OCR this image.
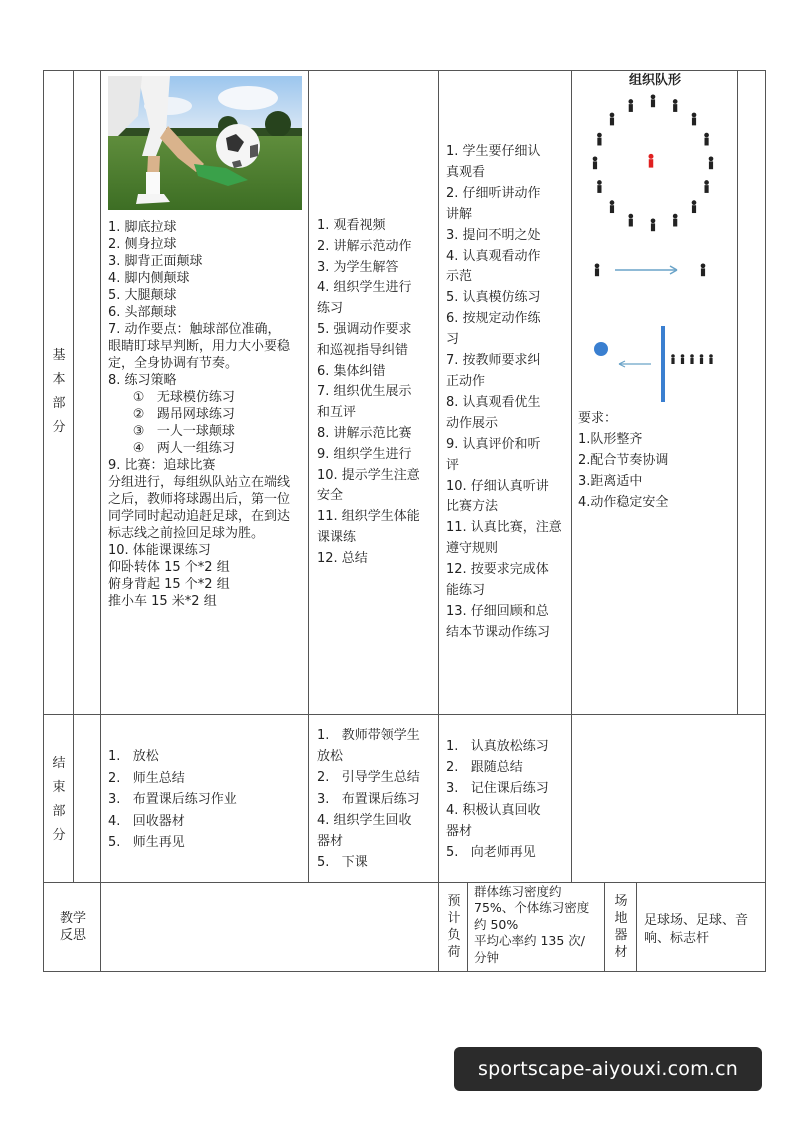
基
本
部
分
1. 脚底拉球
2. 侧身拉球
3. 脚背正面颠球
4. 脚内侧颠球
5. 大腿颠球
6. 头部颠球
7. 动作要点：触球部位准确，
眼睛盯球早判断，用力大小要稳
定，全身协调有节奏。
8. 练习策略
①   无球模仿练习
②   踢吊网球练习
③   一人一球颠球
④   两人一组练习
9. 比赛：追球比赛
分组进行，每组纵队站立在端线
之后，教师将球踢出后，第一位
同学同时起动追赶足球，在到达
标志线之前捡回足球为胜。
10. 体能课课练习
仰卧转体 15 个*2 组
俯身背起 15 个*2 组
推小车 15 米*2 组
1. 观看视频
2. 讲解示范动作
3. 为学生解答
4. 组织学生进行
练习
5. 强调动作要求
和巡视指导纠错
6. 集体纠错
7. 组织优生展示
和互评
8. 讲解示范比赛
9. 组织学生进行
10. 提示学生注意
安全
11. 组织学生体能
课课练
12. 总结
1. 学生要仔细认
真观看
2. 仔细听讲动作
讲解
3. 提问不明之处
4. 认真观看动作
示范
5. 认真模仿练习
6. 按规定动作练
习
7. 按教师要求纠
正动作
8. 认真观看优生
动作展示
9. 认真评价和听
评
10. 仔细认真听讲
比赛方法
11. 认真比赛，注意
遵守规则
12. 按要求完成体
能练习
13. 仔细回顾和总
结本节课动作练习
组织队形
要求：
1.队形整齐
2.配合节奏协调
3.距离适中
4.动作稳定安全
结
束
部
分
1.   放松
2.   师生总结
3.   布置课后练习作业
4.   回收器材
5.   师生再见
1.   教师带领学生
放松
2.   引导学生总结
3.   布置课后练习
4. 组织学生回收
器材
5.   下课
1.   认真放松练习
2.   跟随总结
3.   记住课后练习
4. 积极认真回收
器材
5.   向老师再见
教学
反思
预
计
负
荷
群体练习密度约
75%、个体练习密度
约 50%
平均心率约 135 次/
分钟
场
地
器
材
足球场、足球、音
响、标志杆
sportscape-aiyouxi.com.cn
